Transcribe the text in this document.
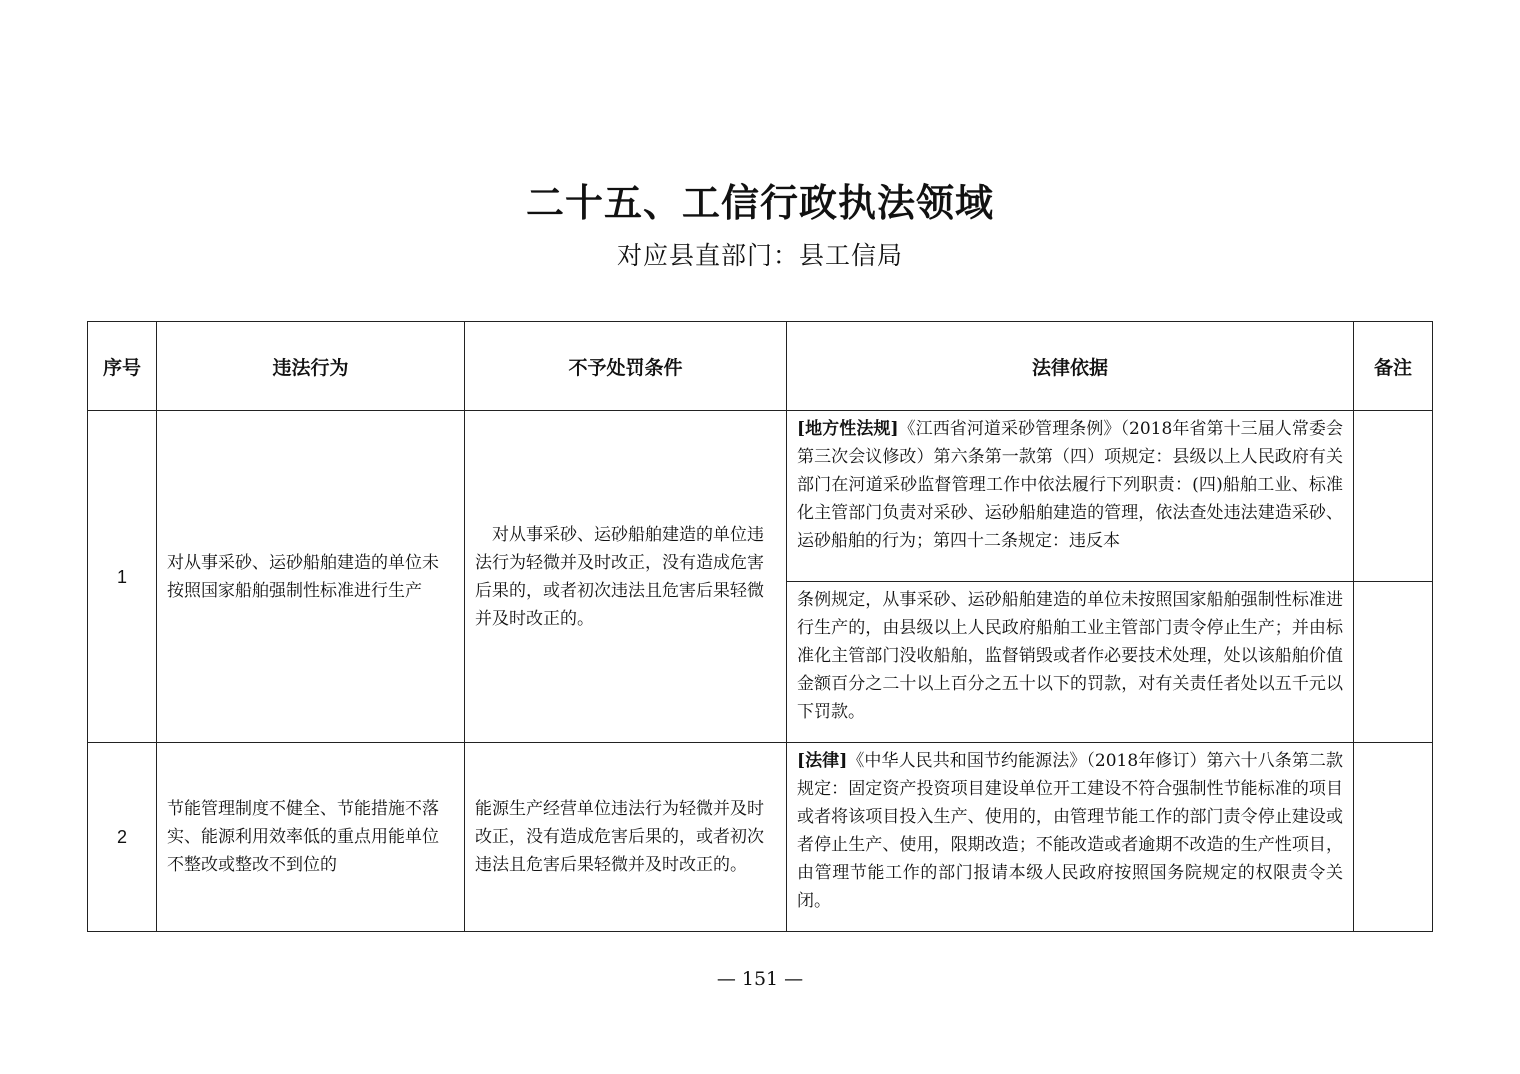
二十五、工信行政执法领域
对应县直部门：县工信局
序号	违法行为	不予处罚条件	法律依据	备注
1	对从事采砂、运砂船舶建造的单位未按照国家船舶强制性标准进行生产	对从事采砂、运砂船舶建造的单位违法行为轻微并及时改正，没有造成危害后果的，或者初次违法且危害后果轻微并及时改正的。	[地方性法规]《江西省河道采砂管理条例》（2018年省第十三届人常委会第三次会议修改）第六条第一款第（四）项规定：县级以上人民政府有关部门在河道采砂监督管理工作中依法履行下列职责：(四)船舶工业、标准化主管部门负责对采砂、运砂船舶建造的管理，依法查处违法建造采砂、运砂船舶的行为；第四十二条规定：违反本	
			条例规定，从事采砂、运砂船舶建造的单位未按照国家船舶强制性标准进行生产的，由县级以上人民政府船舶工业主管部门责令停止生产；并由标准化主管部门没收船舶，监督销毁或者作必要技术处理，处以该船舶价值金额百分之二十以上百分之五十以下的罚款，对有关责任者处以五千元以下罚款。	
2	节能管理制度不健全、节能措施不落实、能源利用效率低的重点用能单位不整改或整改不到位的	能源生产经营单位违法行为轻微并及时改正，没有造成危害后果的，或者初次违法且危害后果轻微并及时改正的。	[法律]《中华人民共和国节约能源法》（2018年修订）第六十八条第二款规定：固定资产投资项目建设单位开工建设不符合强制性节能标准的项目或者将该项目投入生产、使用的，由管理节能工作的部门责令停止建设或者停止生产、使用，限期改造；不能改造或者逾期不改造的生产性项目，由管理节能工作的部门报请本级人民政府按照国务院规定的权限责令关闭。	
— 151 —
